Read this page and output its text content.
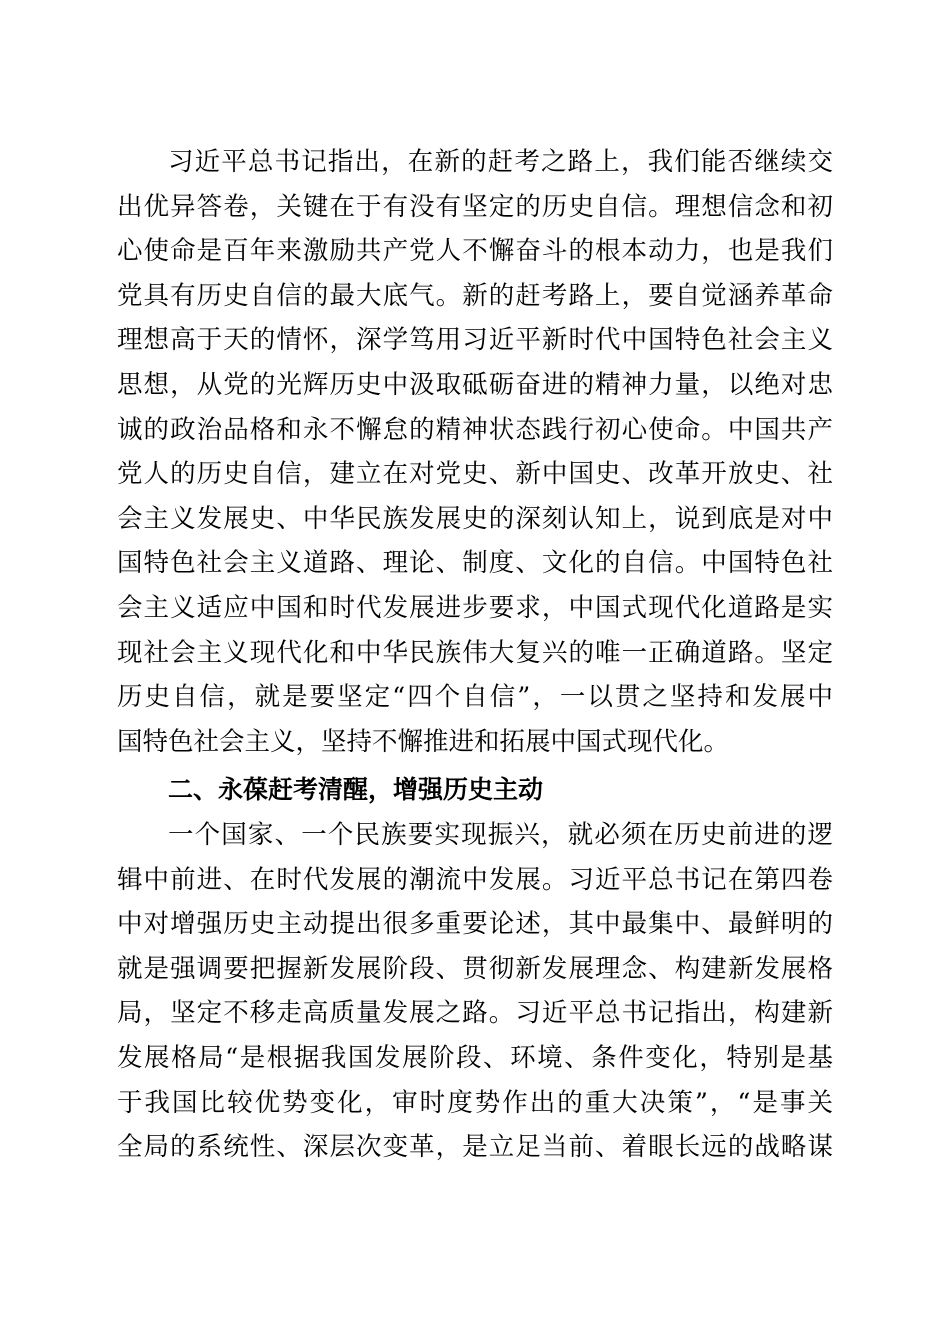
习近平总书记指出，在新的赶考之路上，我们能否继续交
出优异答卷，关键在于有没有坚定的历史自信。理想信念和初
心使命是百年来激励共产党人不懈奋斗的根本动力，也是我们
党具有历史自信的最大底气。新的赶考路上，要自觉涵养革命
理想高于天的情怀，深学笃用习近平新时代中国特色社会主义
思想，从党的光辉历史中汲取砥砺奋进的精神力量，以绝对忠
诚的政治品格和永不懈怠的精神状态践行初心使命。中国共产
党人的历史自信，建立在对党史、新中国史、改革开放史、社
会主义发展史、中华民族发展史的深刻认知上，说到底是对中
国特色社会主义道路、理论、制度、文化的自信。中国特色社
会主义适应中国和时代发展进步要求，中国式现代化道路是实
现社会主义现代化和中华民族伟大复兴的唯一正确道路。坚定
历史自信，就是要坚定“四个自信”，一以贯之坚持和发展中
国特色社会主义，坚持不懈推进和拓展中国式现代化。
二、永葆赶考清醒，增强历史主动
一个国家、一个民族要实现振兴，就必须在历史前进的逻
辑中前进、在时代发展的潮流中发展。习近平总书记在第四卷
中对增强历史主动提出很多重要论述，其中最集中、最鲜明的
就是强调要把握新发展阶段、贯彻新发展理念、构建新发展格
局，坚定不移走高质量发展之路。习近平总书记指出，构建新
发展格局“是根据我国发展阶段、环境、条件变化，特别是基
于我国比较优势变化，审时度势作出的重大决策”，“是事关
全局的系统性、深层次变革，是立足当前、着眼长远的战略谋
